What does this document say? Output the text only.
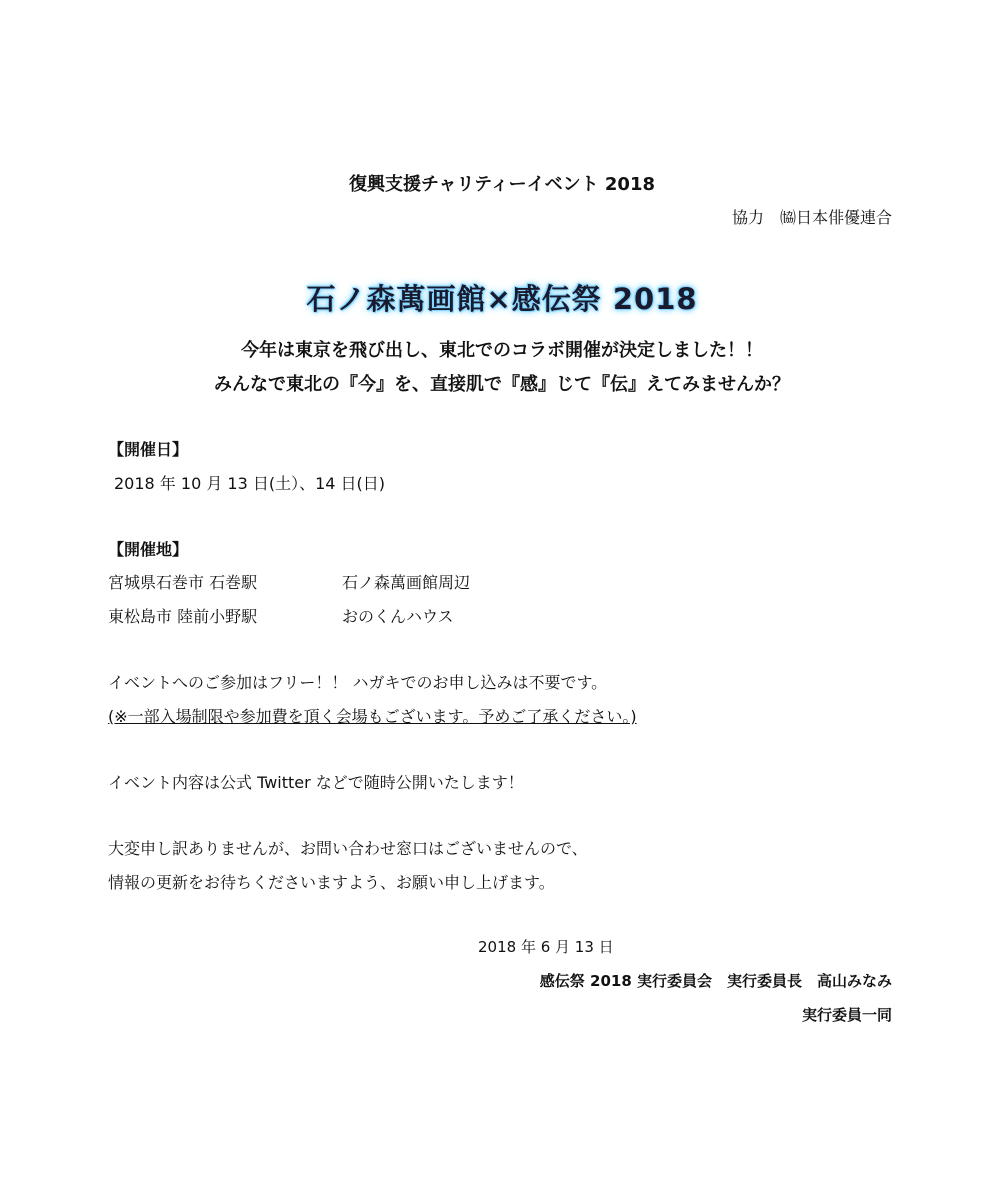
復興支援チャリティーイベント 2018
協力　㈿日本俳優連合
石ノ森萬画館×感伝祭 2018
今年は東京を飛び出し、東北でのコラボ開催が決定しました！！
みんなで東北の『今』を、直接肌で『感』じて『伝』えてみませんか？
【開催日】
2018 年 10 月 13 日(土）、14 日(日)
【開催地】
宮城県石巻市 石巻駅	石ノ森萬画館周辺
東松島市 陸前小野駅	おのくんハウス
イベントへのご参加はフリー！！ ハガキでのお申し込みは不要です。
(※一部入場制限や参加費を頂く会場もございます。予めご了承ください。)
イベント内容は公式 Twitter などで随時公開いたします！
大変申し訳ありませんが、お問い合わせ窓口はございませんので、
情報の更新をお待ちくださいますよう、お願い申し上げます。
2018 年 6 月 13 日
感伝祭 2018 実行委員会　実行委員長　高山みなみ
実行委員一同
